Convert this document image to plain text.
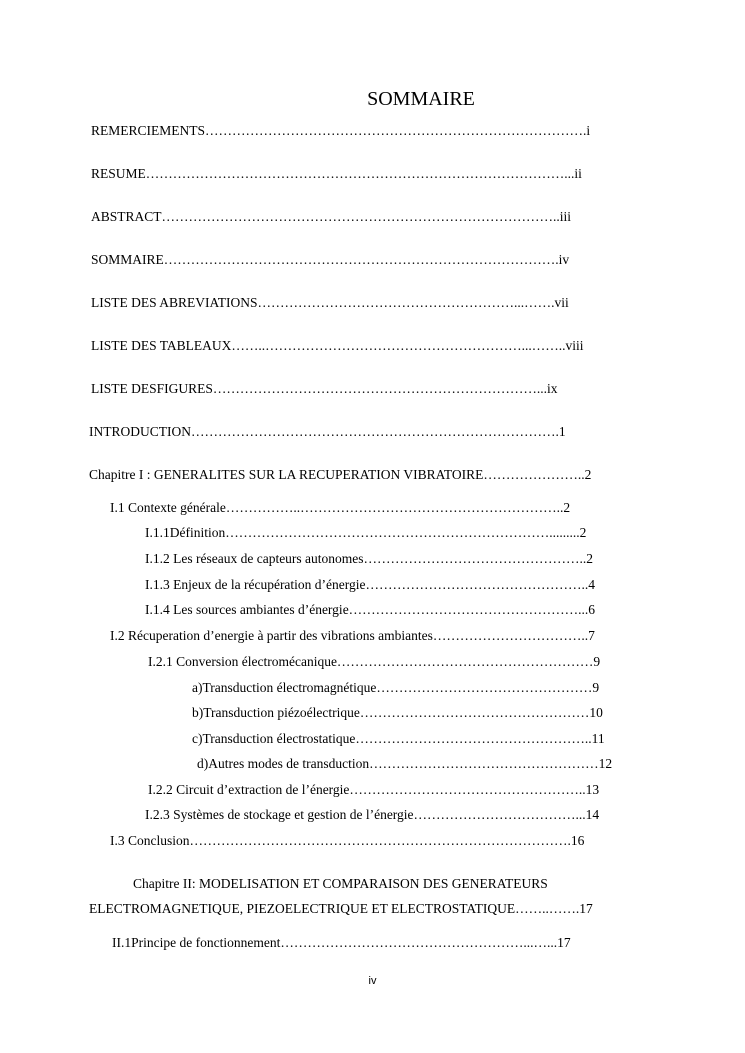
SOMMAIRE
REMERCIEMENTS………………………………………………………………………….i
RESUME…………………………………………………………………………………...ii
ABSTRACT……………………………………………………………………………..iii
SOMMAIRE…………………………………………………………………………….iv
LISTE DES ABREVIATIONS…………………………………………………...…….vii
LISTE DES TABLEAUX……..…………………………………………………...……..viii
LISTE DESFIGURES………………………………………………………………...ix
INTRODUCTION……………………………………………………………………….1
Chapitre I : GENERALITES SUR LA RECUPERATION VIBRATOIRE…………………..2
I.1 Contexte générale……………..…………………………………………………..2
I.1.1Définition……………………………………………………………….........2
I.1.2 Les réseaux de capteurs autonomes…………………………………………..2
I.1.3 Enjeux de la récupération d’énergie…………………………………………..4
I.1.4 Les sources ambiantes d’énergie……………………………………………...6
I.2 Récuperation d’energie à partir des vibrations ambiantes……………………………..7
I.2.1 Conversion électromécanique…………………………………………………9
a)Transduction électromagnétique…………………………………………9
b)Transduction piézoélectrique……………………………………………10
c)Transduction électrostatique……………………………………………..11
d)Autres modes de transduction……………………………………………12
I.2.2 Circuit d’extraction de l’énergie……………………………………………..13
I.2.3 Systèmes de stockage et gestion de l’énergie………………………………...14
I.3 Conclusion………………………………………………………………………….16
Chapitre II: MODELISATION ET COMPARAISON DES GENERATEURS
ELECTROMAGNETIQUE, PIEZOELECTRIQUE ET ELECTROSTATIQUE……..…….17
II.1Principe de fonctionnement………………………………………………...…...17
iv
